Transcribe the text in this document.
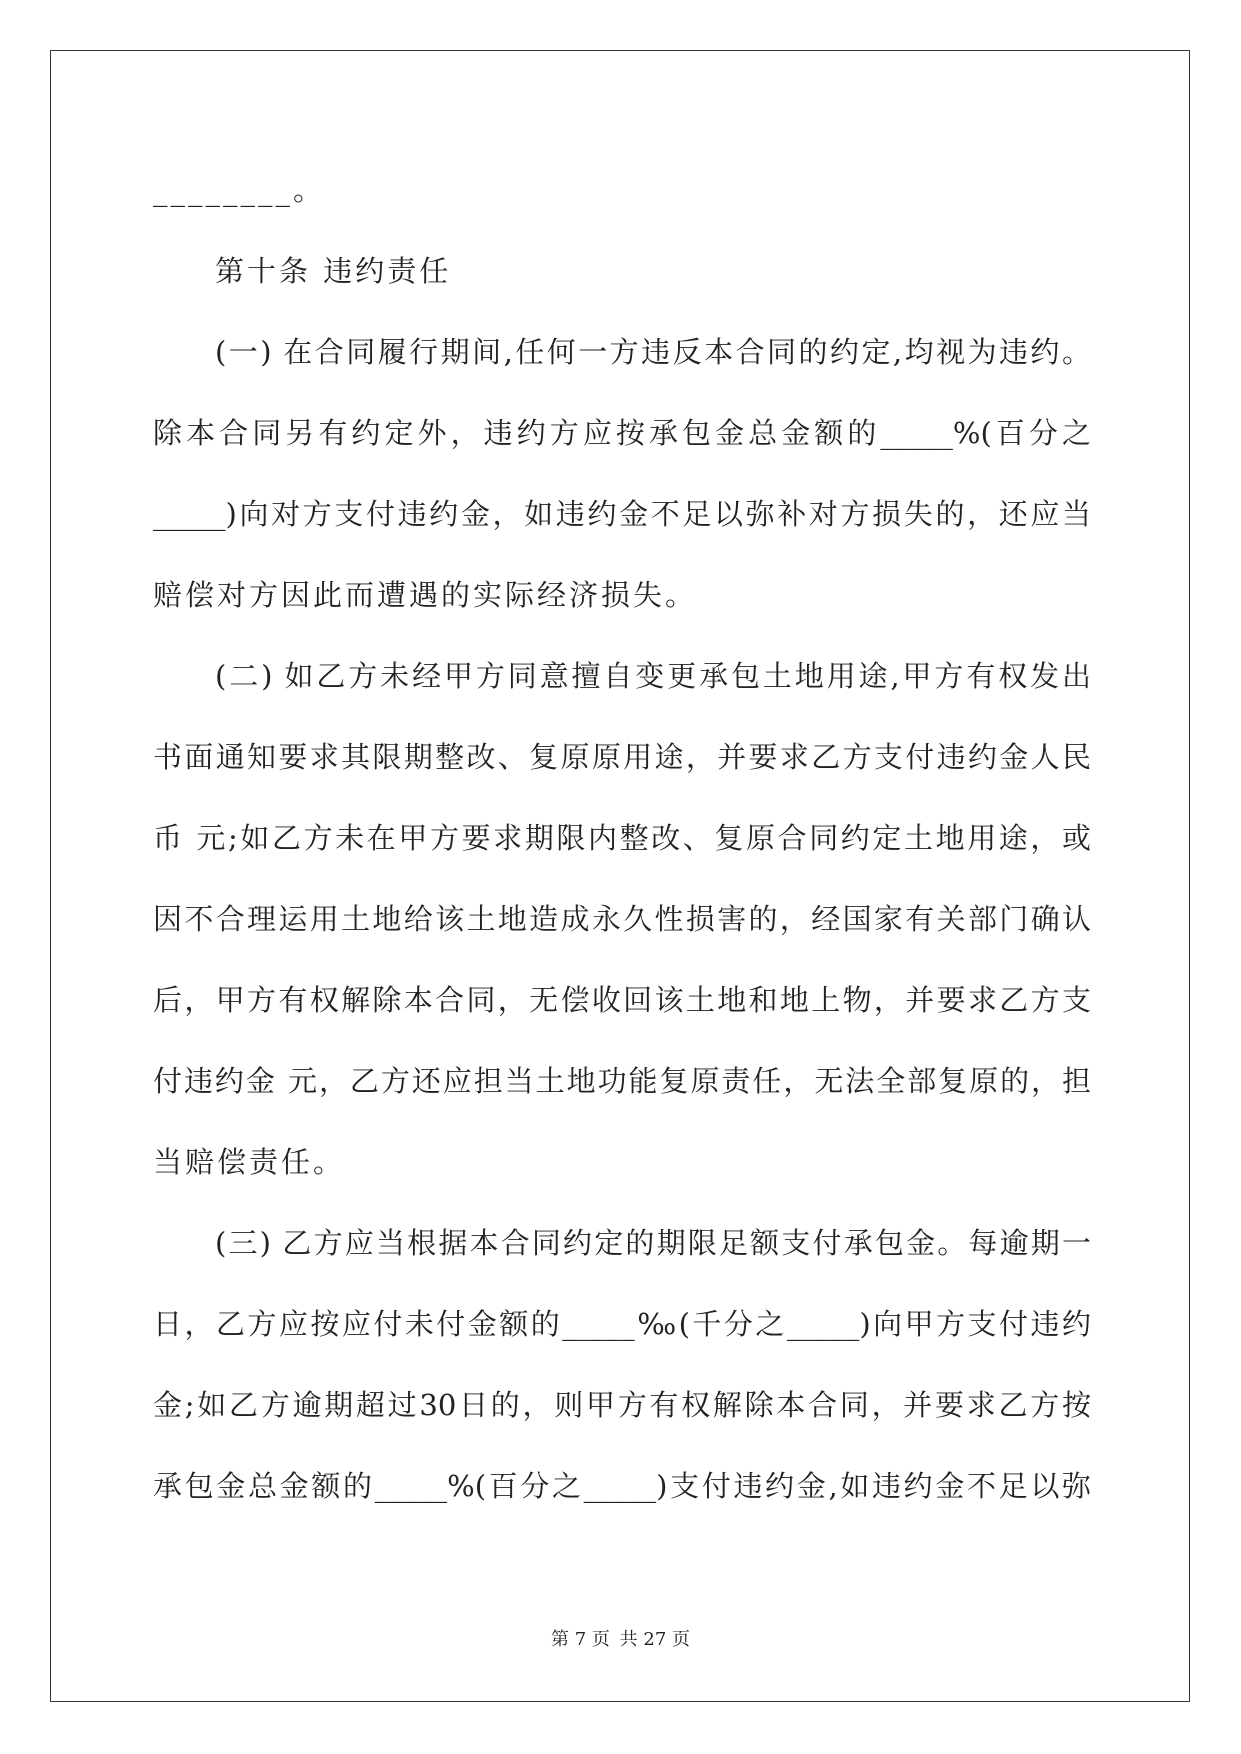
________。
第十条 违约责任
(一) 在合同履行期间,任何一方违反本合同的约定,均视为违约。
除本合同另有约定外，违约方应按承包金总金额的_____%(百分之
_____)向对方支付违约金，如违约金不足以弥补对方损失的，还应当
赔偿对方因此而遭遇的实际经济损失。
(二) 如乙方未经甲方同意擅自变更承包土地用途,甲方有权发出
书面通知要求其限期整改、复原原用途，并要求乙方支付违约金人民
币 元;如乙方未在甲方要求期限内整改、复原合同约定土地用途，或
因不合理运用土地给该土地造成永久性损害的，经国家有关部门确认
后，甲方有权解除本合同，无偿收回该土地和地上物，并要求乙方支
付违约金 元，乙方还应担当土地功能复原责任，无法全部复原的，担
当赔偿责任。
(三) 乙方应当根据本合同约定的期限足额支付承包金。每逾期一
日，乙方应按应付未付金额的_____‰(千分之_____)向甲方支付违约
金;如乙方逾期超过30日的，则甲方有权解除本合同，并要求乙方按
承包金总金额的_____%(百分之_____)支付违约金,如违约金不足以弥
第 7 页 共 27 页
